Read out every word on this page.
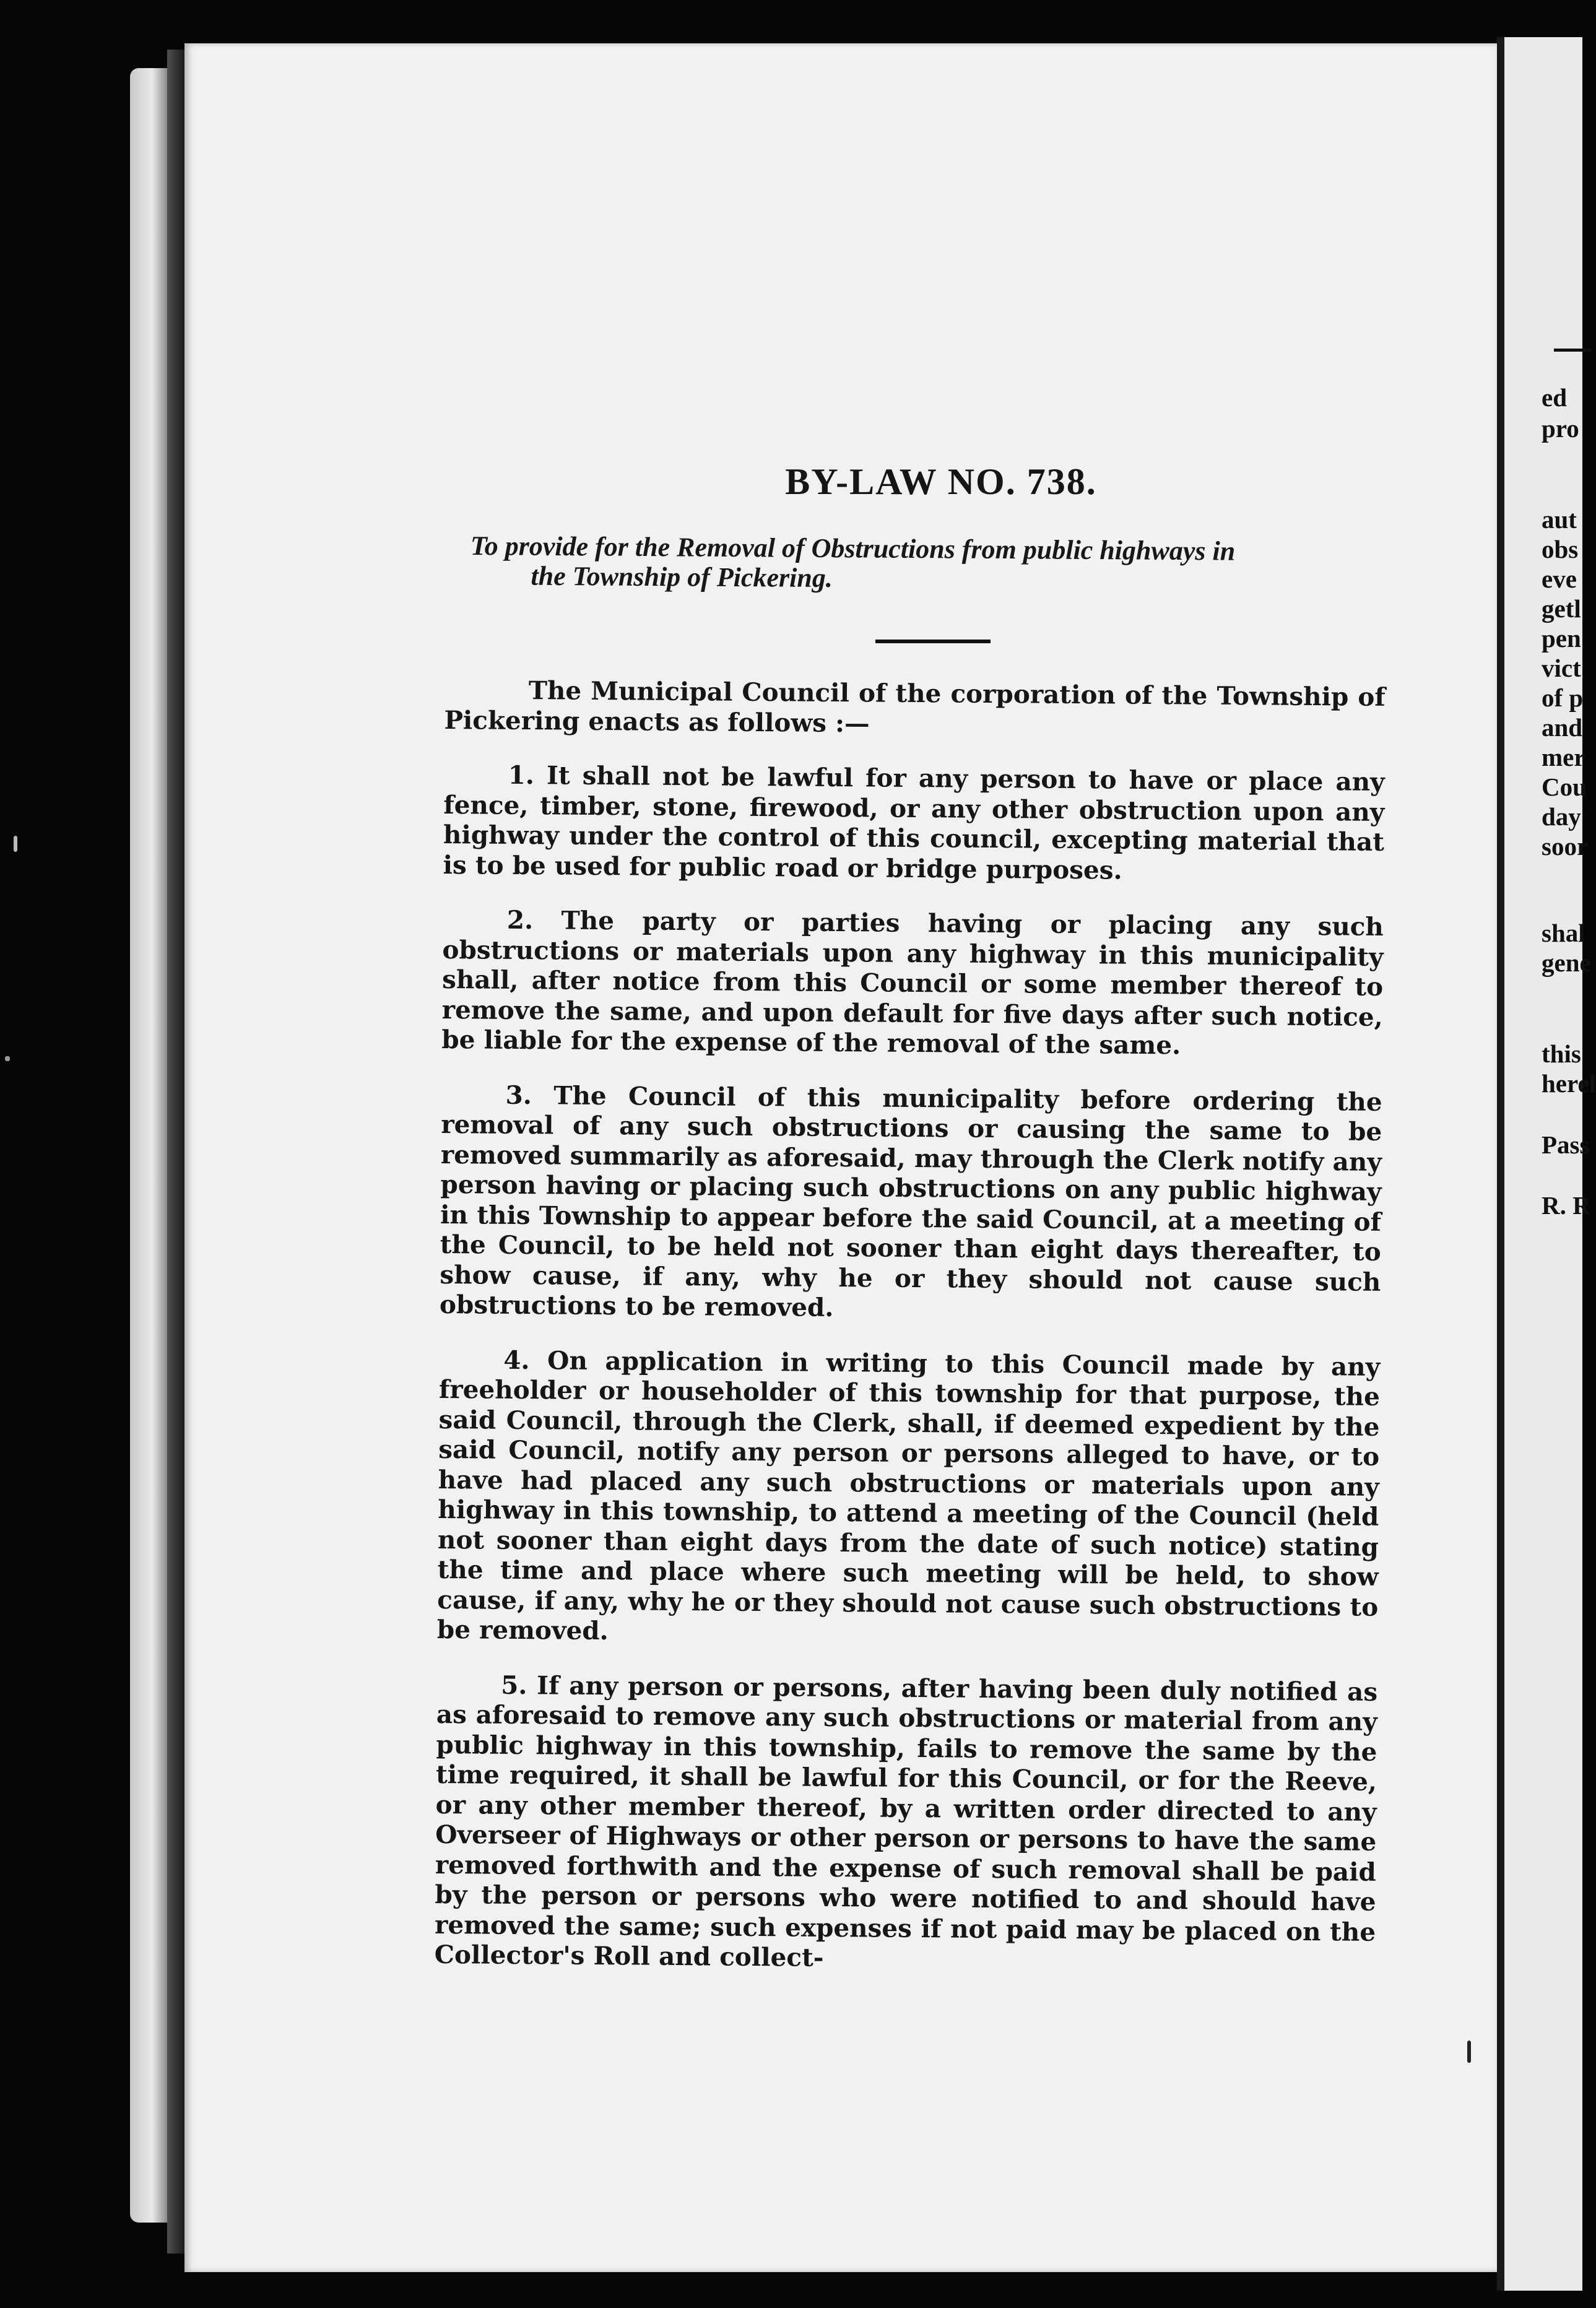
BY-LAW NO. 738.
To provide for the Removal of Obstructions from public highways in
the Township of Pickering.

The Municipal Council of the corporation of the Township of Pickering enacts as follows :—

1. It shall not be lawful for any person to have or place any fence, timber, stone, firewood, or any other obstruction upon any highway under the control of this council, excepting material that is to be used for public road or bridge purposes.

2. The party or parties having or placing any such obstructions or materials upon any highway in this municipality shall, after notice from this Council or some member thereof to remove the same, and upon default for five days after such notice, be liable for the expense of the removal of the same.

3. The Council of this municipality before ordering the removal of any such obstructions or causing the same to be removed summarily as aforesaid, may through the Clerk notify any person having or placing such obstructions on any public highway in this Township to appear before the said Council, at a meeting of the Council, to be held not sooner than eight days thereafter, to show cause, if any, why he or they should not cause such obstructions to be removed.

4. On application in writing to this Council made by any freeholder or householder of this township for that purpose, the said Council, through the Clerk, shall, if deemed expedient by the said Council, notify any person or persons alleged to have, or to have had placed any such obstructions or materials upon any highway in this township, to attend a meeting of the Council (held not sooner than eight days from the date of such notice) stating the time and place where such meeting will be held, to show cause, if any, why he or they should not cause such obstructions to be removed.

5. If any person or persons, after having been duly notified as as aforesaid to remove any such obstructions or material from any public highway in this township, fails to remove the same by the time required, it shall be lawful for this Council, or for the Reeve, or any other member thereof, by a written order directed to any Overseer of Highways or other person or persons to have the same removed forthwith and the expense of such removal shall be paid by the person or persons who were notified to and should have removed the same; such expenses if not paid may be placed on the Collector's Roll and collect-

ed
pro
aut
obs
eve
getl
pen
vict
of p
and
mer
Cou
day
soor
shal
gene
this
herel
Pass
R. R
